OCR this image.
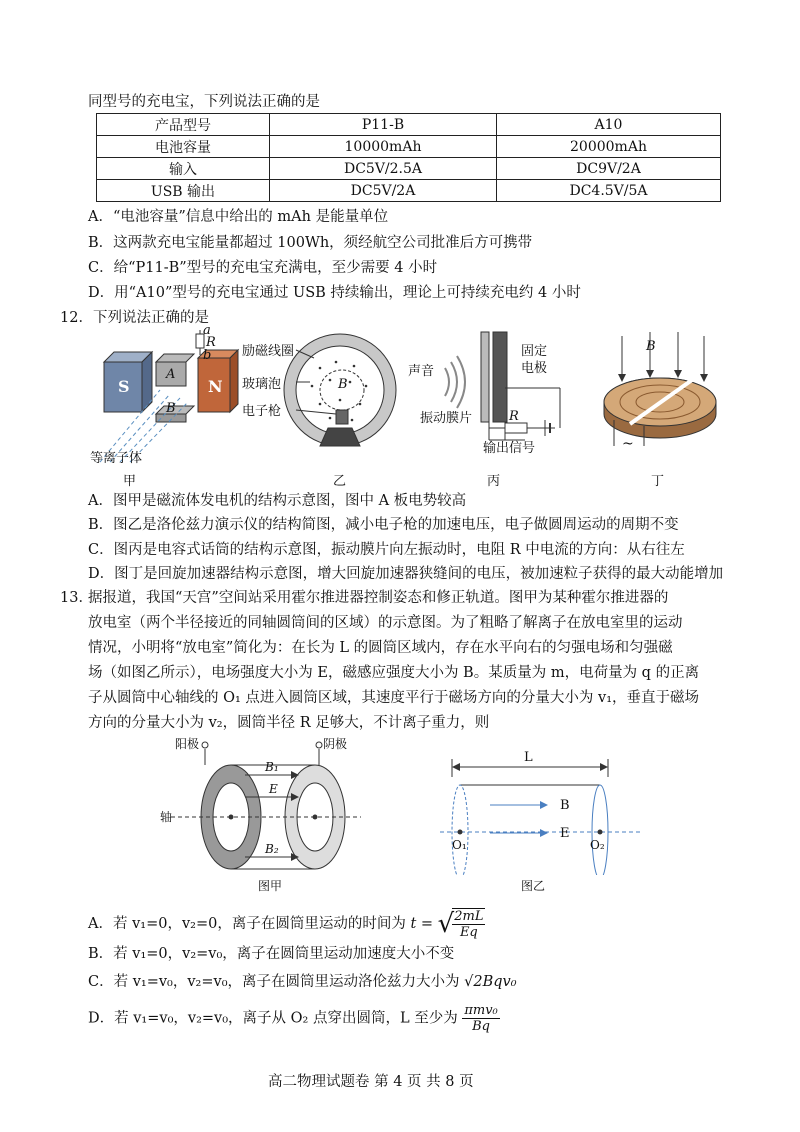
同型号的充电宝，下列说法正确的是
产品型号	P11-B	A10
电池容量	10000mAh	20000mAh
输入	DC5V/2.5A	DC9V/2A
USB 输出	DC5V/2A	DC4.5V/5A
A．“电池容量”信息中给出的 mAh 是能量单位
B．这两款充电宝能量都超过 100Wh，须经航空公司批准后方可携带
C．给“P11-B”型号的充电宝充满电，至少需要 4 小时
D．用“A10”型号的充电宝通过 USB 持续输出，理论上可持续充电约 4 小时
12．下列说法正确的是
a
R
b
S	N
A
B
等离子体
甲
B
励磁线圈
玻璃泡
电子枪
乙
R
声音
固定
电极
振动膜片
输出信号
丙
B
~
丁
A．图甲是磁流体发电机的结构示意图，图中 A 板电势较高
B．图乙是洛伦兹力演示仪的结构简图，减小电子枪的加速电压，电子做圆周运动的周期不变
C．图丙是电容式话筒的结构示意图，振动膜片向左振动时，电阻 R 中电流的方向：从右往左
D．图丁是回旋加速器结构示意图，增大回旋加速器狭缝间的电压，被加速粒子获得的最大动能增加
13．
据报道，我国“天宫”空间站采用霍尔推进器控制姿态和修正轨道。图甲为某种霍尔推进器的
放电室（两个半径接近的同轴圆筒间的区域）的示意图。为了粗略了解离子在放电室里的运动
情况，小明将“放电室”简化为：在长为 L 的圆筒区域内，存在水平向右的匀强电场和匀强磁
场（如图乙所示），电场强度大小为 E，磁感应强度大小为 B。某质量为 m，电荷量为 q 的正离
子从圆筒中心轴线的 O₁ 点进入圆筒区域，其速度平行于磁场方向的分量大小为 v₁，垂直于磁场
方向的分量大小为 v₂，圆筒半径 R 足够大，不计离子重力，则
B₁
E
B₂
阳极	阴极
轴
图甲
L
B
E
O₁	O₂
图乙
A．若 v₁=0，v₂=0，离子在圆筒里运动的时间为 t = √
$\frac{2mL}{Eq}$
B．若 v₁=0，v₂=v₀，离子在圆筒里运动加速度大小不变
C．若 v₁=v₀，v₂=v₀，离子在圆筒里运动洛伦兹力大小为 √2Bqv₀
D．若 v₁=v₀，v₂=v₀，离子从 O₂ 点穿出圆筒，L 至少为 $\frac{\text{πmv₀}}{Bq}$
高二物理试题卷 第 4 页 共 8 页
